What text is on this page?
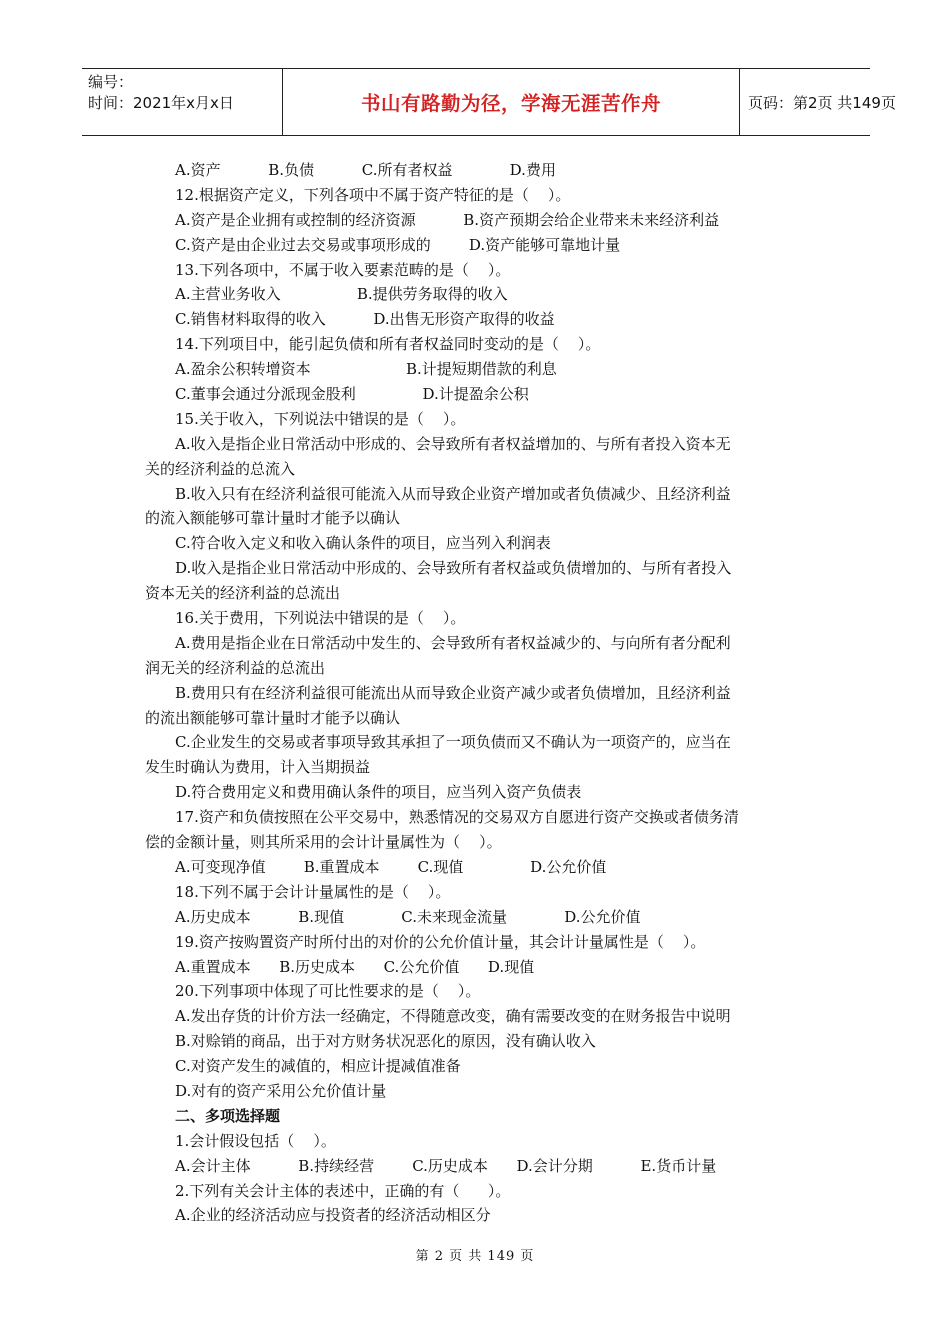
编号：
时间：2021年x月x日	书山有路勤为径，学海无涯苦作舟	页码：第2页 共149页
A.资产          B.负债          C.所有者权益            D.费用
12.根据资产定义，下列各项中不属于资产特征的是（    ）。
A.资产是企业拥有或控制的经济资源          B.资产预期会给企业带来未来经济利益
C.资产是由企业过去交易或事项形成的        D.资产能够可靠地计量
13.下列各项中，不属于收入要素范畴的是（    ）。
A.主营业务收入                B.提供劳务取得的收入
C.销售材料取得的收入          D.出售无形资产取得的收益
14.下列项目中，能引起负债和所有者权益同时变动的是（    ）。
A.盈余公积转增资本                    B.计提短期借款的利息
C.董事会通过分派现金股利              D.计提盈余公积
15.关于收入，下列说法中错误的是（    ）。
A.收入是指企业日常活动中形成的、会导致所有者权益增加的、与所有者投入资本无
关的经济利益的总流入
B.收入只有在经济利益很可能流入从而导致企业资产增加或者负债减少、且经济利益
的流入额能够可靠计量时才能予以确认
C.符合收入定义和收入确认条件的项目，应当列入利润表
D.收入是指企业日常活动中形成的、会导致所有者权益或负债增加的、与所有者投入
资本无关的经济利益的总流出
16.关于费用，下列说法中错误的是（    ）。
A.费用是指企业在日常活动中发生的、会导致所有者权益减少的、与向所有者分配利
润无关的经济利益的总流出
B.费用只有在经济利益很可能流出从而导致企业资产减少或者负债增加，且经济利益
的流出额能够可靠计量时才能予以确认
C.企业发生的交易或者事项导致其承担了一项负债而又不确认为一项资产的，应当在
发生时确认为费用，计入当期损益
D.符合费用定义和费用确认条件的项目，应当列入资产负债表
17.资产和负债按照在公平交易中，熟悉情况的交易双方自愿进行资产交换或者债务清
偿的金额计量，则其所采用的会计计量属性为（    ）。
A.可变现净值        B.重置成本        C.现值              D.公允价值
18.下列不属于会计计量属性的是（    ）。
A.历史成本          B.现值            C.未来现金流量            D.公允价值
19.资产按购置资产时所付出的对价的公允价值计量，其会计计量属性是（    ）。
A.重置成本      B.历史成本      C.公允价值      D.现值
20.下列事项中体现了可比性要求的是（    ）。
A.发出存货的计价方法一经确定，不得随意改变，确有需要改变的在财务报告中说明
B.对赊销的商品，出于对方财务状况恶化的原因，没有确认收入
C.对资产发生的减值的，相应计提减值准备
D.对有的资产采用公允价值计量
二、多项选择题
1.会计假设包括（    ）。
A.会计主体          B.持续经营        C.历史成本      D.会计分期          E.货币计量
2.下列有关会计主体的表述中，正确的有（      ）。
A.企业的经济活动应与投资者的经济活动相区分
第 2 页 共 149 页
